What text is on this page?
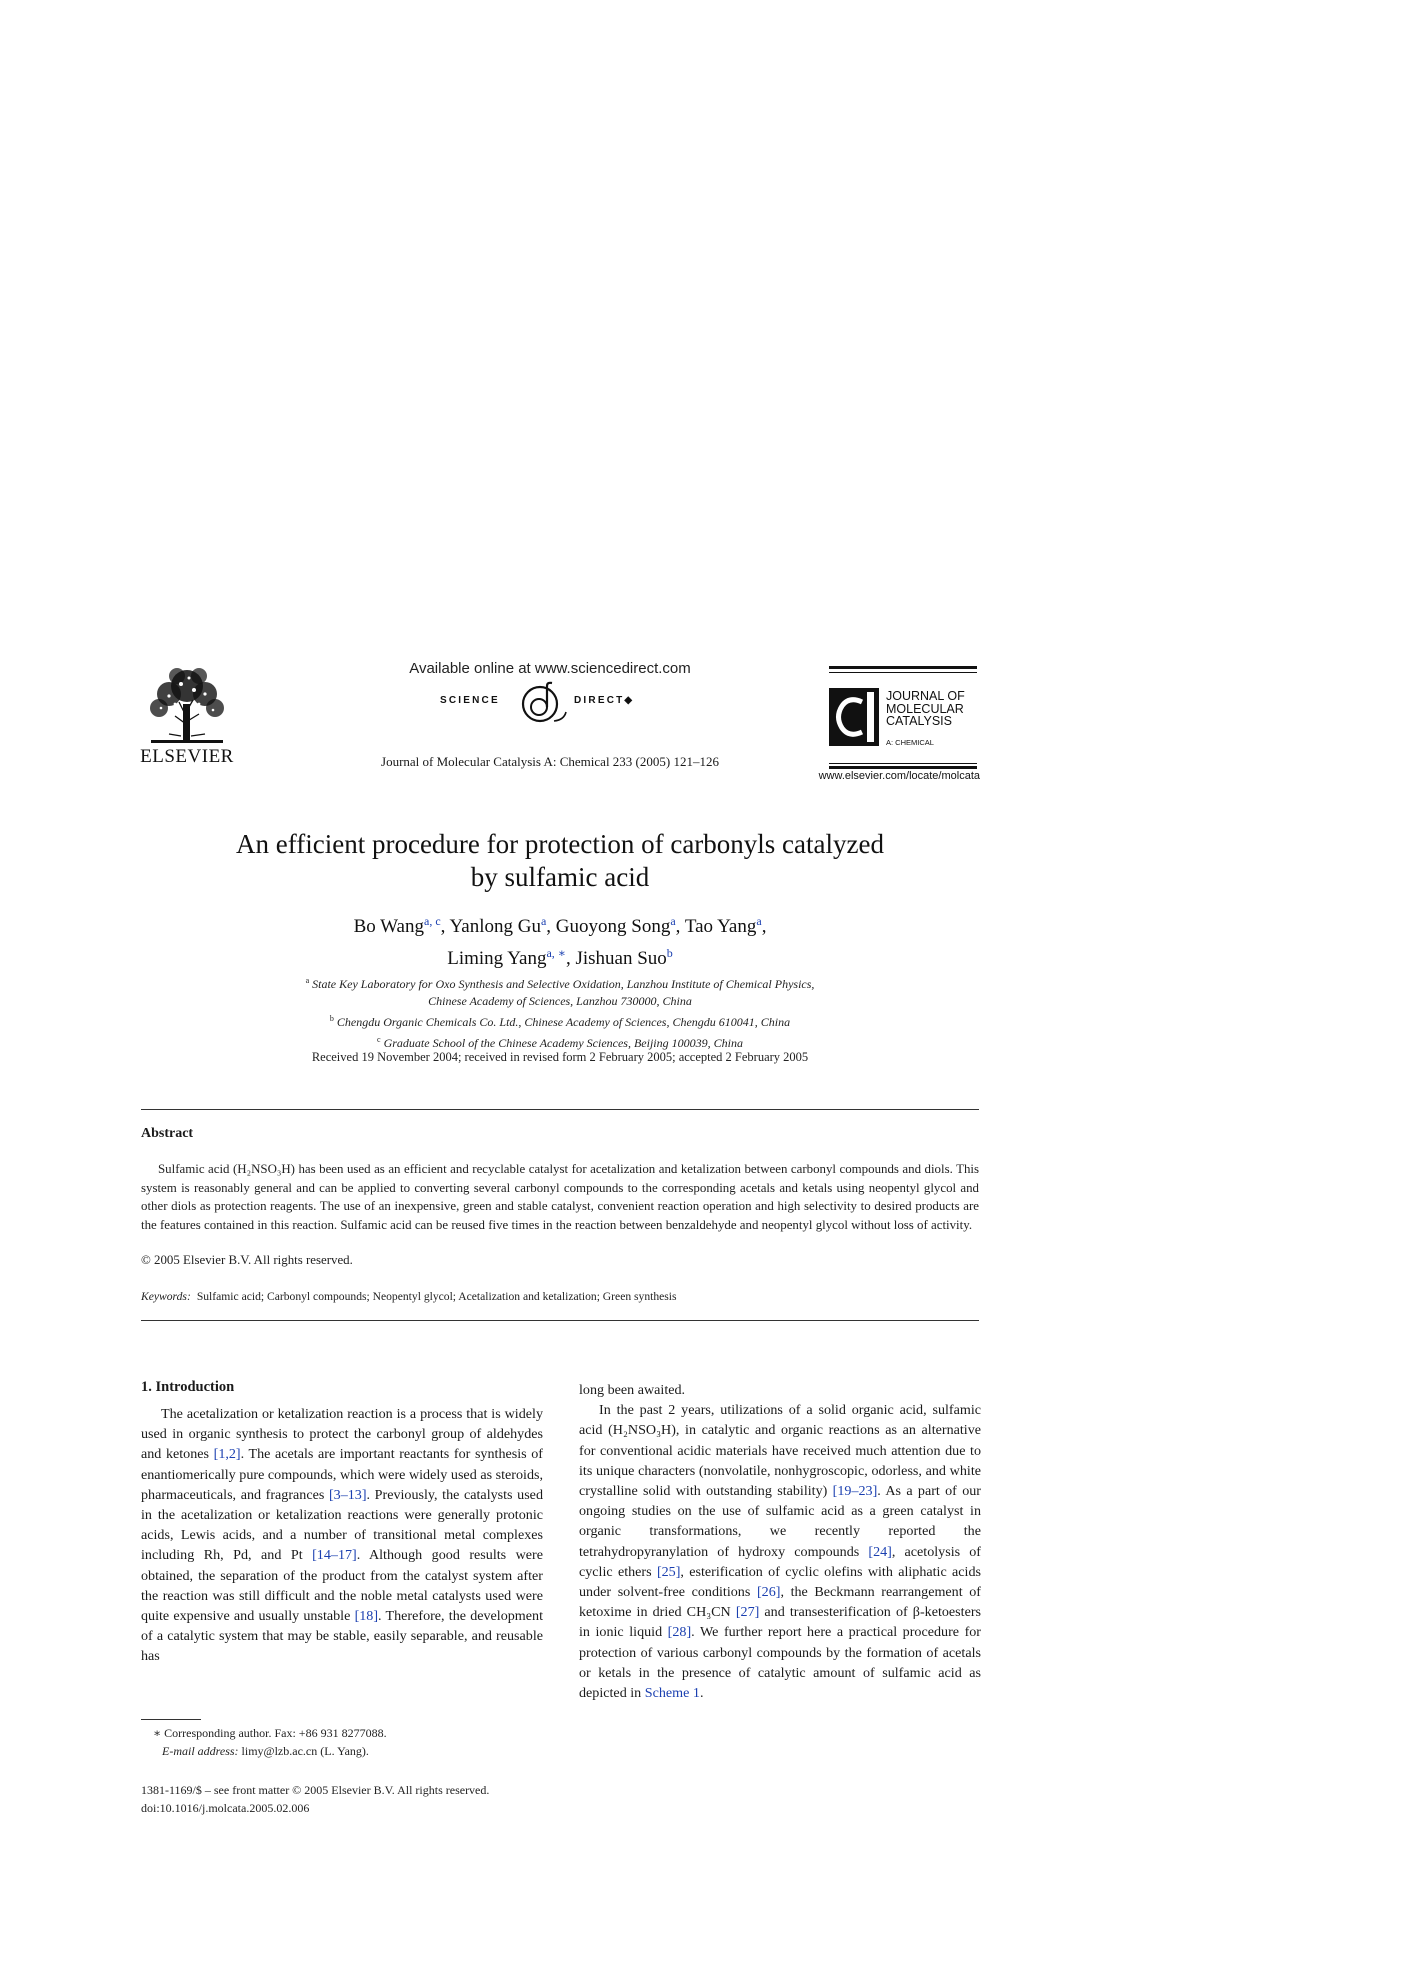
ELSEVIER
Available online at www.sciencedirect.com
SCIENCE	DIRECT◆
Journal of Molecular Catalysis A: Chemical 233 (2005) 121–126
JOURNAL OF
MOLECULAR
CATALYSIS
A: CHEMICAL
www.elsevier.com/locate/molcata
An efficient procedure for protection of carbonyls catalyzed
by sulfamic acid
Bo Wang$^{a, c}$, Yanlong Gu$^a$, Guoyong Song$^a$, Tao Yang$^a$,
Liming Yang$^{a, ∗}$, Jishuan Suo$^b$
$^a$ State Key Laboratory for Oxo Synthesis and Selective Oxidation, Lanzhou Institute of Chemical Physics,
Chinese Academy of Sciences, Lanzhou 730000, China
$^b$ Chengdu Organic Chemicals Co. Ltd., Chinese Academy of Sciences, Chengdu 610041, China
$^c$ Graduate School of the Chinese Academy Sciences, Beijing 100039, China
Received 19 November 2004; received in revised form 2 February 2005; accepted 2 February 2005
Abstract
Sulfamic acid (H₂NSO₃H) has been used as an efficient and recyclable catalyst for acetalization and ketalization between carbonyl compounds and diols. This system is reasonably general and can be applied to converting several carbonyl compounds to the corresponding acetals and ketals using neopentyl glycol and other diols as protection reagents. The use of an inexpensive, green and stable catalyst, convenient reaction operation and high selectivity to desired products are the features contained in this reaction. Sulfamic acid can be reused five times in the reaction between benzaldehyde and neopentyl glycol without loss of activity.
© 2005 Elsevier B.V. All rights reserved.
Keywords: Sulfamic acid; Carbonyl compounds; Neopentyl glycol; Acetalization and ketalization; Green synthesis
1. Introduction

The acetalization or ketalization reaction is a process that is widely used in organic synthesis to protect the carbonyl group of aldehydes and ketones [1,2]. The acetals are important reactants for synthesis of enantiomerically pure compounds, which were widely used as steroids, pharmaceuticals, and fragrances [3–13]. Previously, the catalysts used in the acetalization or ketalization reactions were generally protonic acids, Lewis acids, and a number of transitional metal complexes including Rh, Pd, and Pt [14–17]. Although good results were obtained, the separation of the product from the catalyst system after the reaction was still difficult and the noble metal catalysts used were quite expensive and usually unstable [18]. Therefore, the development of a catalytic system that may be stable, easily separable, and reusable has

long been awaited.

In the past 2 years, utilizations of a solid organic acid, sulfamic acid (H₂NSO₃H), in catalytic and organic reactions as an alternative for conventional acidic materials have received much attention due to its unique characters (nonvolatile, nonhygroscopic, odorless, and white crystalline solid with outstanding stability) [19–23]. As a part of our ongoing studies on the use of sulfamic acid as a green catalyst in organic transformations, we recently reported the tetrahydropyranylation of hydroxy compounds [24], acetolysis of cyclic ethers [25], esterification of cyclic olefins with aliphatic acids under solvent-free conditions [26], the Beckmann rearrangement of ketoxime in dried CH₃CN [27] and transesterification of β-ketoesters in ionic liquid [28]. We further report here a practical procedure for protection of various carbonyl compounds by the formation of acetals or ketals in the presence of catalytic amount of sulfamic acid as depicted in Scheme 1.

∗ Corresponding author. Fax: +86 931 8277088.
E-mail address: limy@lzb.ac.cn (L. Yang).
1381-1169/$ – see front matter © 2005 Elsevier B.V. All rights reserved.
doi:10.1016/j.molcata.2005.02.006
